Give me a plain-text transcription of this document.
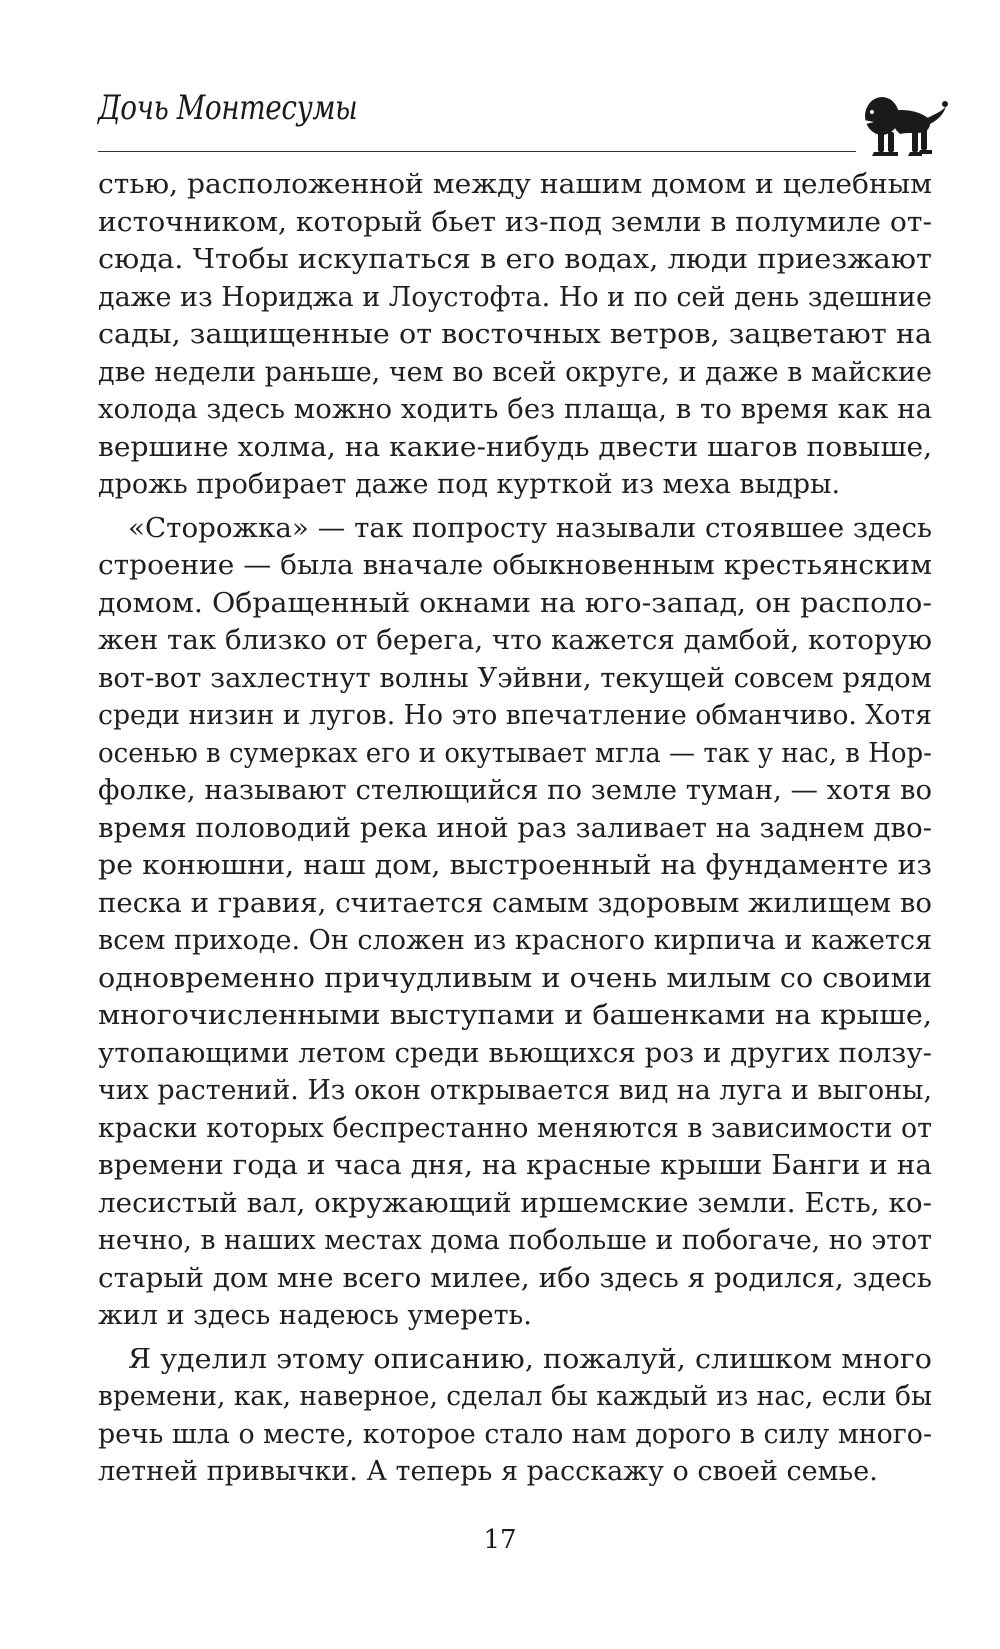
Дочь Монтесумы
стью, расположенной между нашим домом и целебным
источником, который бьет из-под земли в полумиле от-
сюда. Чтобы искупаться в его водах, люди приезжают
даже из Нориджа и Лоустофта. Но и по сей день здешние
сады, защищенные от восточных ветров, зацветают на
две недели раньше, чем во всей округе, и даже в майские
холода здесь можно ходить без плаща, в то время как на
вершине холма, на какие-нибудь двести шагов повыше,
дрожь пробирает даже под курткой из меха выдры.
«Сторожка» — так попросту называли стоявшее здесь
строение — была вначале обыкновенным крестьянским
домом. Обращенный окнами на юго-запад, он располо-
жен так близко от берега, что кажется дамбой, которую
вот-вот захлестнут волны Уэйвни, текущей совсем рядом
среди низин и лугов. Но это впечатление обманчиво. Хотя
осенью в сумерках его и окутывает мгла — так у нас, в Нор-
фолке, называют стелющийся по земле туман, — хотя во
время половодий река иной раз заливает на заднем дво-
ре конюшни, наш дом, выстроенный на фундаменте из
песка и гравия, считается самым здоровым жилищем во
всем приходе. Он сложен из красного кирпича и кажется
одновременно причудливым и очень милым со своими
многочисленными выступами и башенками на крыше,
утопающими летом среди вьющихся роз и других ползу-
чих растений. Из окон открывается вид на луга и выгоны,
краски которых беспрестанно меняются в зависимости от
времени года и часа дня, на красные крыши Банги и на
лесистый вал, окружающий иршемские земли. Есть, ко-
нечно, в наших местах дома побольше и побогаче, но этот
старый дом мне всего милее, ибо здесь я родился, здесь
жил и здесь надеюсь умереть.
Я уделил этому описанию, пожалуй, слишком много
времени, как, наверное, сделал бы каждый из нас, если бы
речь шла о месте, которое стало нам дорого в силу много-
летней привычки. А теперь я расскажу о своей семье.
17
